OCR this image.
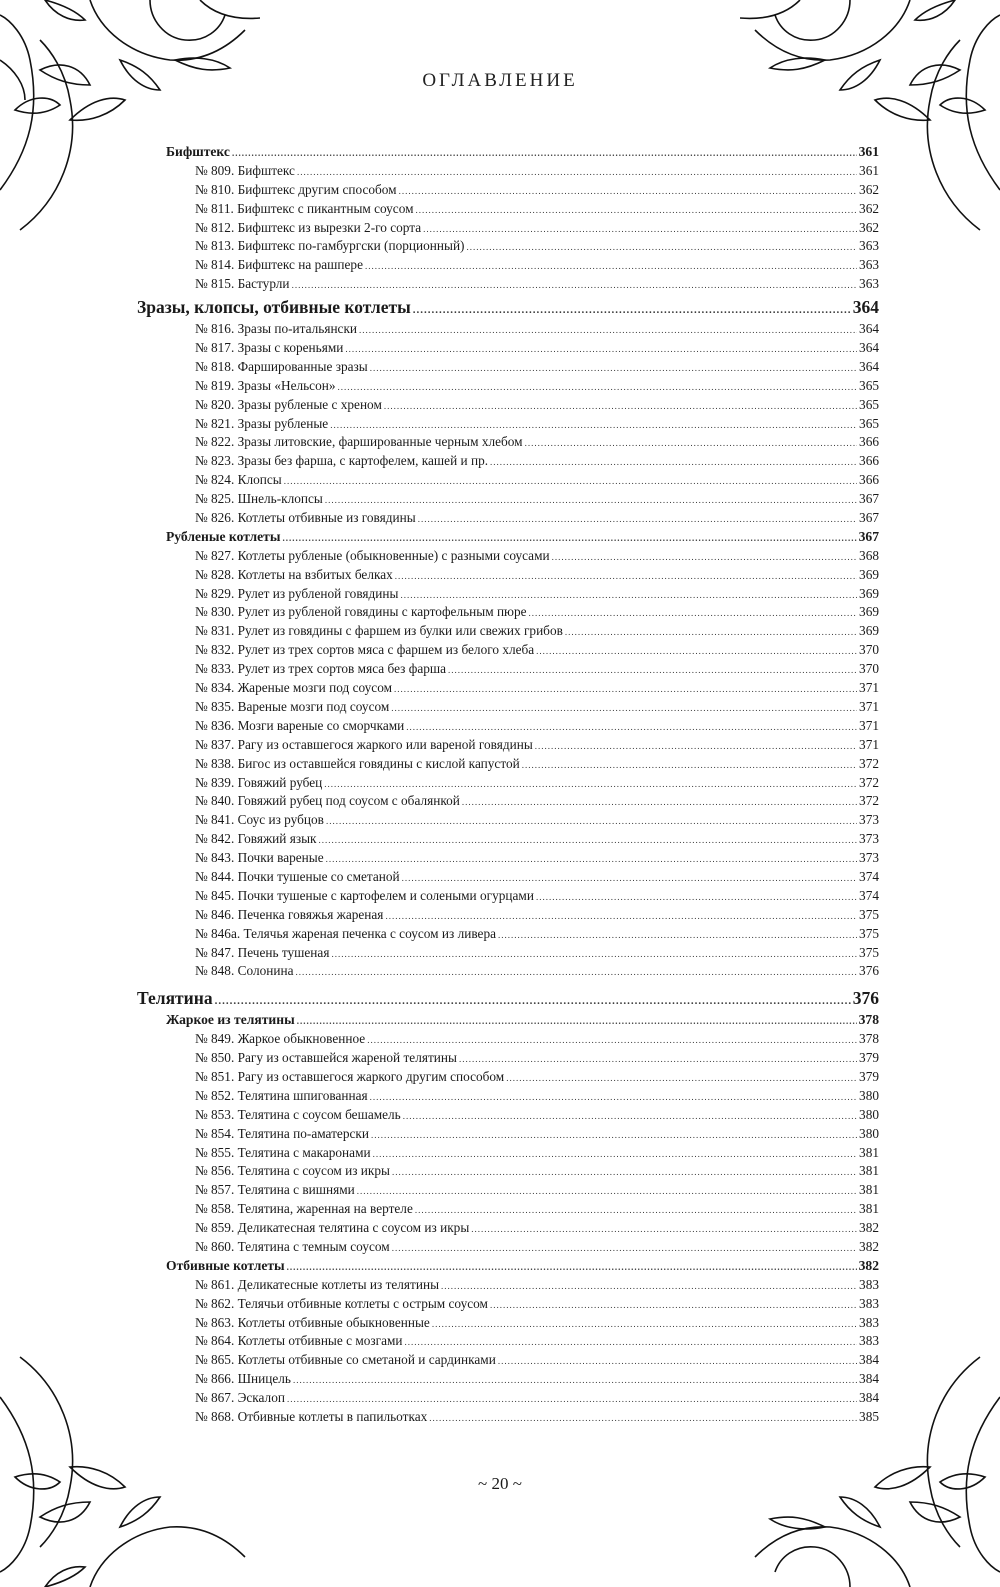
ОГЛАВЛЕНИЕ
Бифштекс .....	361
№ 809. Бифштекс .....	361
№ 810. Бифштекс другим способом .....	362
№ 811. Бифштекс с пикантным соусом .....	362
№ 812. Бифштекс из вырезки 2-го сорта .....	362
№ 813. Бифштекс по-гамбургски (порционный) .....	363
№ 814. Бифштекс на рашпере .....	363
№ 815. Бастурли .....	363
Зразы, клопсы, отбивные котлеты .....	364
№ 816. Зразы по-итальянски .....	364
№ 817. Зразы с кореньями .....	364
№ 818. Фаршированные зразы .....	364
№ 819. Зразы «Нельсон» .....	365
№ 820. Зразы рубленые с хреном .....	365
№ 821. Зразы рубленые .....	365
№ 822. Зразы литовские, фаршированные черным хлебом .....	366
№ 823. Зразы без фарша, с картофелем, кашей и пр. .....	366
№ 824. Клопсы .....	366
№ 825. Шнель-клопсы .....	367
№ 826. Котлеты отбивные из говядины .....	367
Рубленые котлеты .....	367
№ 827. Котлеты рубленые (обыкновенные) с разными соусами .....	368
№ 828. Котлеты на взбитых белках .....	369
№ 829. Рулет из рубленой говядины .....	369
№ 830. Рулет из рубленой говядины с картофельным пюре .....	369
№ 831. Рулет из говядины с фаршем из булки или свежих грибов .....	369
№ 832. Рулет из трех сортов мяса с фаршем из белого хлеба .....	370
№ 833. Рулет из трех сортов мяса без фарша .....	370
№ 834. Жареные мозги под соусом .....	371
№ 835. Вареные мозги под соусом .....	371
№ 836. Мозги вареные со сморчками .....	371
№ 837. Рагу из оставшегося жаркого или вареной говядины .....	371
№ 838. Бигос из оставшейся говядины с кислой капустой .....	372
№ 839. Говяжий рубец .....	372
№ 840. Говяжий рубец под соусом с обалянкой .....	372
№ 841. Соус из рубцов .....	373
№ 842. Говяжий язык .....	373
№ 843. Почки вареные .....	373
№ 844. Почки тушеные со сметаной .....	374
№ 845. Почки тушеные с картофелем и солеными огурцами .....	374
№ 846. Печенка говяжья жареная .....	375
№ 846а. Телячья жареная печенка с соусом из ливера .....	375
№ 847. Печень тушеная .....	375
№ 848. Солонина .....	376
Телятина .....	376
Жаркое из телятины .....	378
№ 849. Жаркое обыкновенное .....	378
№ 850. Рагу из оставшейся жареной телятины .....	379
№ 851. Рагу из оставшегося жаркого другим способом .....	379
№ 852. Телятина шпигованная .....	380
№ 853. Телятина с соусом бешамель .....	380
№ 854. Телятина по-аматерски .....	380
№ 855. Телятина с макаронами .....	381
№ 856. Телятина с соусом из икры .....	381
№ 857. Телятина с вишнями .....	381
№ 858. Телятина, жаренная на вертеле .....	381
№ 859. Деликатесная телятина с соусом из икры .....	382
№ 860. Телятина с темным соусом .....	382
Отбивные котлеты .....	382
№ 861. Деликатесные котлеты из телятины .....	383
№ 862. Телячьи отбивные котлеты с острым соусом .....	383
№ 863. Котлеты отбивные обыкновенные .....	383
№ 864. Котлеты отбивные с мозгами .....	383
№ 865. Котлеты отбивные со сметаной и сардинками .....	384
№ 866. Шницель .....	384
№ 867. Эскалоп .....	384
№ 868. Отбивные котлеты в папильотках .....	385
~ 20 ~
